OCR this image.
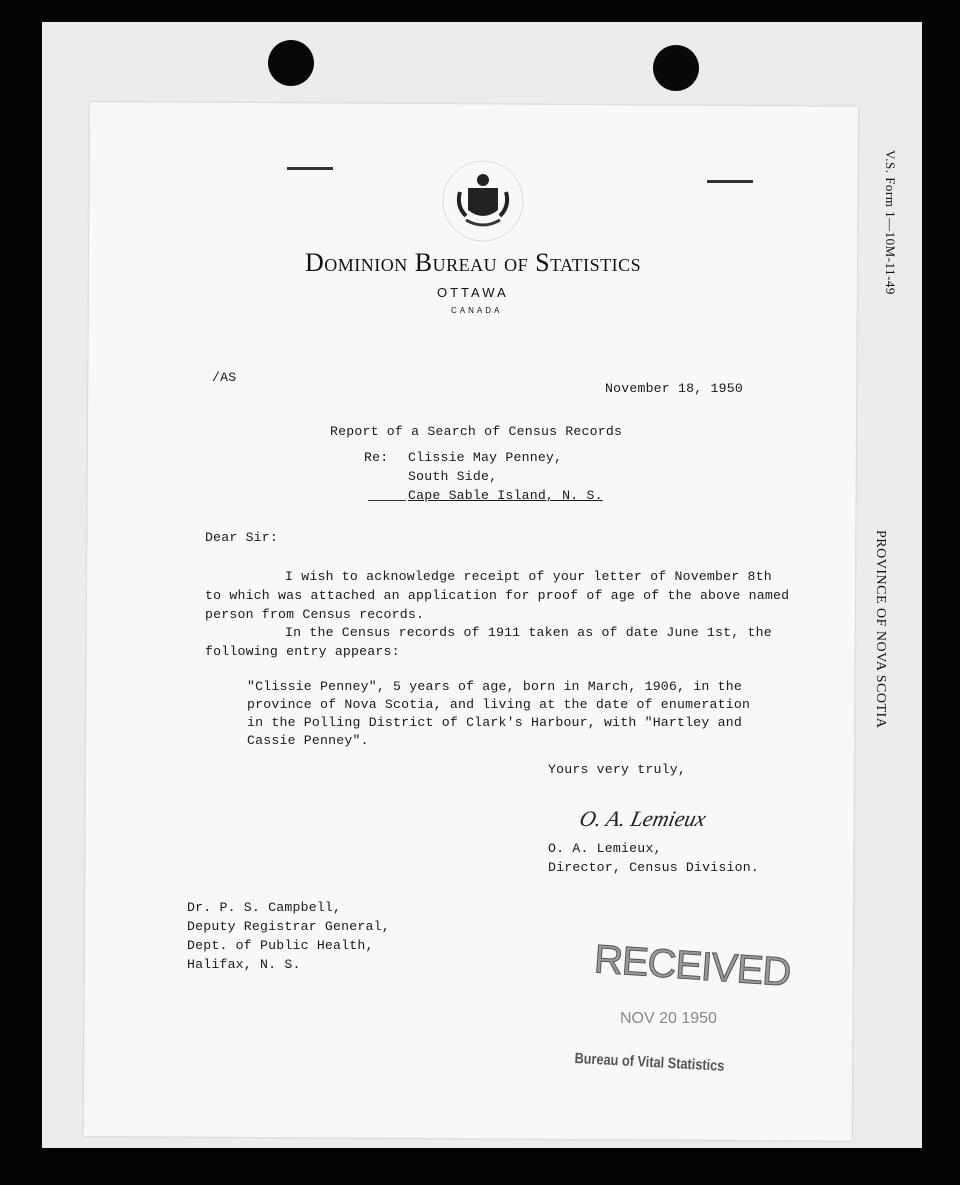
V.S. Form 1—10M-11-49
PROVINCE OF NOVA SCOTIA
Dominion Bureau of Statistics
OTTAWA
CANADA
/AS
November 18, 1950
Report of a Search of Census Records
Re: Clissie May Penney,
South Side,
Cape Sable Island, N. S.
Dear Sir:
I wish to acknowledge receipt of your letter of November 8th
to which was attached an application for proof of age of the above named
person from Census records.
In the Census records of 1911 taken as of date June 1st, the
following entry appears:
"Clissie Penney", 5 years of age, born in March, 1906, in the
province of Nova Scotia, and living at the date of enumeration
in the Polling District of Clark's Harbour, with "Hartley and
Cassie Penney".
Yours very truly,
O. A. Lemieux
O. A. Lemieux,
Director, Census Division.
Dr. P. S. Campbell,
Deputy Registrar General,
Dept. of Public Health,
Halifax, N. S.	RECEIVED
NOV 20 1950
Bureau of Vital Statistics
